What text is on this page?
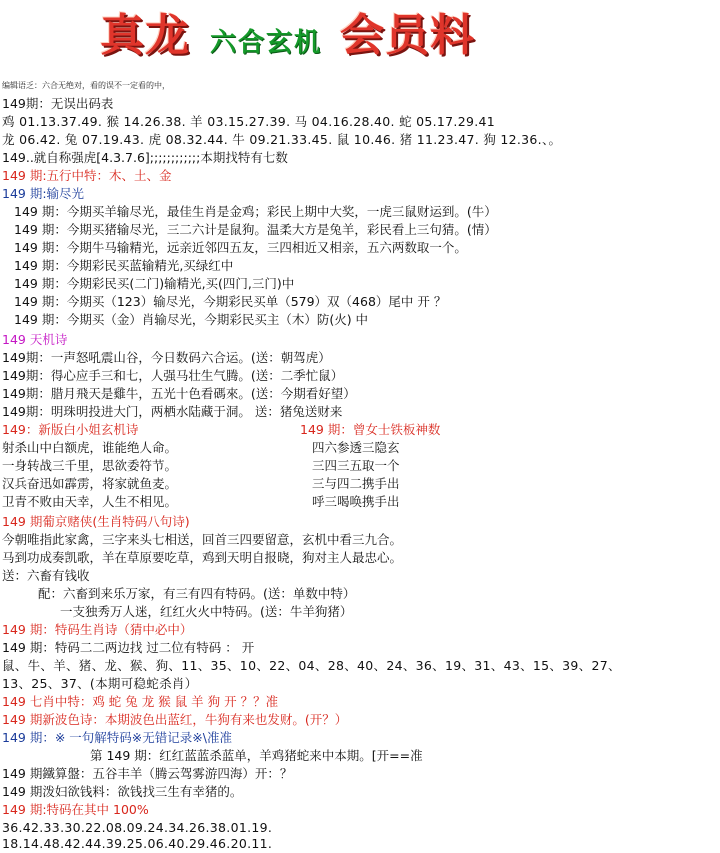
真龙 六合玄机 会员料
编辑语乏：六合无绝对，看的误不一定看的中，
149期：无误出码表
鸡 01.13.37.49. 猴 14.26.38. 羊 03.15.27.39. 马 04.16.28.40. 蛇 05.17.29.41
龙 06.42. 兔 07.19.43. 虎 08.32.44. 牛 09.21.33.45. 鼠 10.46. 猪 11.23.47. 狗 12.36.、。
149..就自称强虎[4.3.7.6];;;;;;;;;;;;本期找特有七数
149 期:五行中特：木、土、金
149 期:输尽光
149 期：今期买羊输尽光，最佳生肖是金鸡；彩民上期中大奖，一虎三鼠财运到。(牛）
149 期：今期买猪输尽光，三二六计是鼠狗。温柔大方是兔羊，彩民看上三句猜。(情）
149 期：今期牛马输精光，远亲近邻四五友，三四相近又相亲，五六两数取一个。
149 期：今期彩民买蓝输精光,买绿红中
149 期：今期彩民买(二门)输精光,买(四门,三门)中
149 期：今期买（123）输尽光，今期彩民买单（579）双（468）尾中 开 ？
149 期：今期买（金）肖输尽光，今期彩民买主（木）防(火) 中
149 天机诗
149期：一声怒吼震山谷，今日数码六合运。(送：朝驾虎）
149期：得心应手三和七，人强马壮生气腾。(送：二季忙鼠）
149期：腊月飛天是雞牛，五光十色看碼來。(送：今期看好望）
149期：明珠明投进大门，两栖水陆藏于洞。 送：猪兔送财来
149：新版白小姐玄机诗	149 期：曾女士铁板神数
射杀山中白额虎，谁能绝人命。	四六参透三隐玄
一身转战三千里，思欲委符节。	三四三五取一个
汉兵奋迅如霹雳，将家就鱼麦。	三与四二携手出
卫青不败由天幸，人生不相见。	呼三喝唤携手出
149 期葡京赌侠(生肖特码八句诗)
今朝唯指此家禽，三字来头七相送，回首三四要留意，玄机中看三九合。
马到功成奏凯歌，羊在草原要吃草，鸡到天明自报晓，狗对主人最忠心。
送：六畜有钱收
配：六畜到来乐万家，有三有四有特码。(送：单数中特）
一支独秀万人迷，红红火火中特码。(送：牛羊狗猪）
149 期：特码生肖诗（猜中必中）
149 期：特码二二两边找 过二位有特码 ： 开
鼠、牛、羊、猪、龙、猴、狗、11、35、10、22、04、28、40、24、36、19、31、43、15、39、27、
13、25、37、(本期可稳蛇杀肖）
149 七肖中特：鸡 蛇 兔 龙 猴 鼠 羊 狗 开 ？？准
149 期新波色诗：本期波色出蓝红，牛狗有来也发财。(开？）
149 期：※ 一句解特码※无错记录※\准准
第 149 期：红红蓝蓝杀蓝单，羊鸡猪蛇来中本期。[开==准
149 期鐵算盤：五谷丰羊（腾云驾雾游四海）开：？
149 期泼妇欲钱料：欲钱找三生有幸猪的。
149 期:特码在其中 100%
36.42.33.30.22.08.09.24.34.26.38.01.19.
18.14.48.42.44.39.25.06.40.29.46.20.11.
